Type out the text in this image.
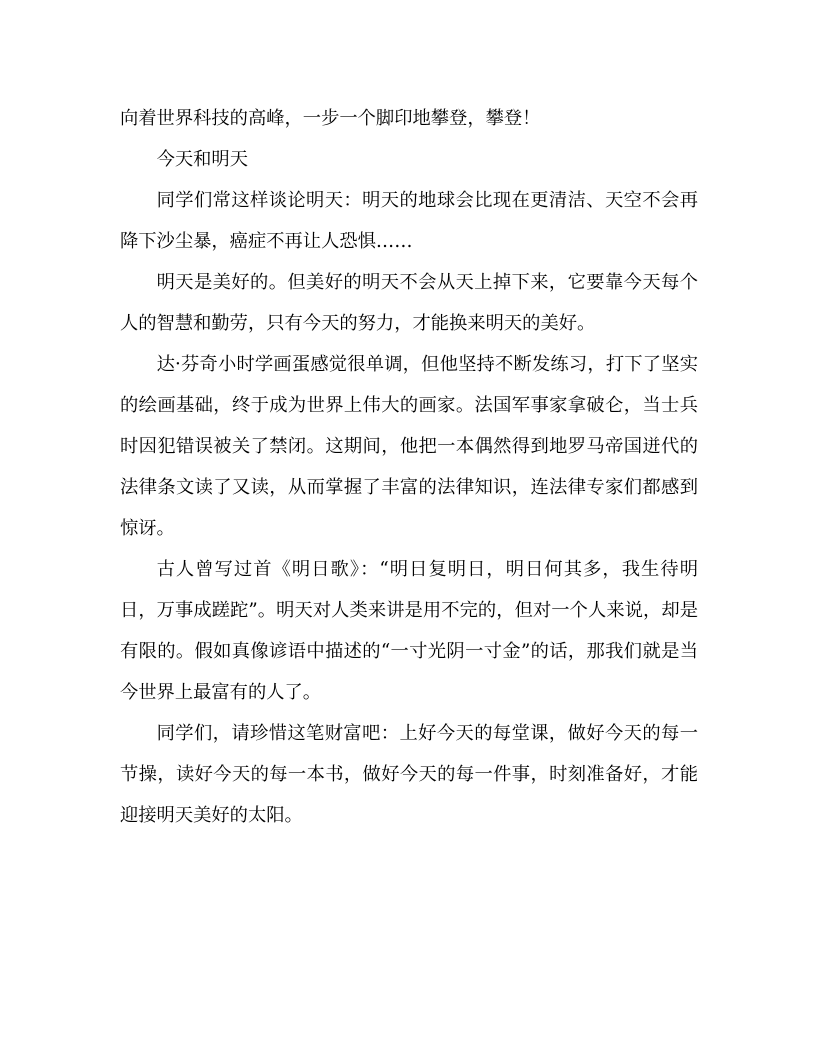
向着世界科技的高峰，一步一个脚印地攀登，攀登！

今天和明天

同学们常这样谈论明天：明天的地球会比现在更清洁、天空不会再降下沙尘暴，癌症不再让人恐惧……

明天是美好的。但美好的明天不会从天上掉下来，它要靠今天每个人的智慧和勤劳，只有今天的努力，才能换来明天的美好。

达·芬奇小时学画蛋感觉很单调，但他坚持不断发练习，打下了坚实的绘画基础，终于成为世界上伟大的画家。法国军事家拿破仑，当士兵时因犯错误被关了禁闭。这期间，他把一本偶然得到地罗马帝国迸代的法律条文读了又读，从而掌握了丰富的法律知识，连法律专家们都感到惊讶。

古人曾写过首《明日歌》：“明日复明日，明日何其多，我生待明日，万事成蹉跎”。明天对人类来讲是用不完的，但对一个人来说，却是有限的。假如真像谚语中描述的“一寸光阴一寸金”的话，那我们就是当今世界上最富有的人了。

同学们，请珍惜这笔财富吧：上好今天的每堂课，做好今天的每一节操，读好今天的每一本书，做好今天的每一件事，时刻准备好，才能迎接明天美好的太阳。
